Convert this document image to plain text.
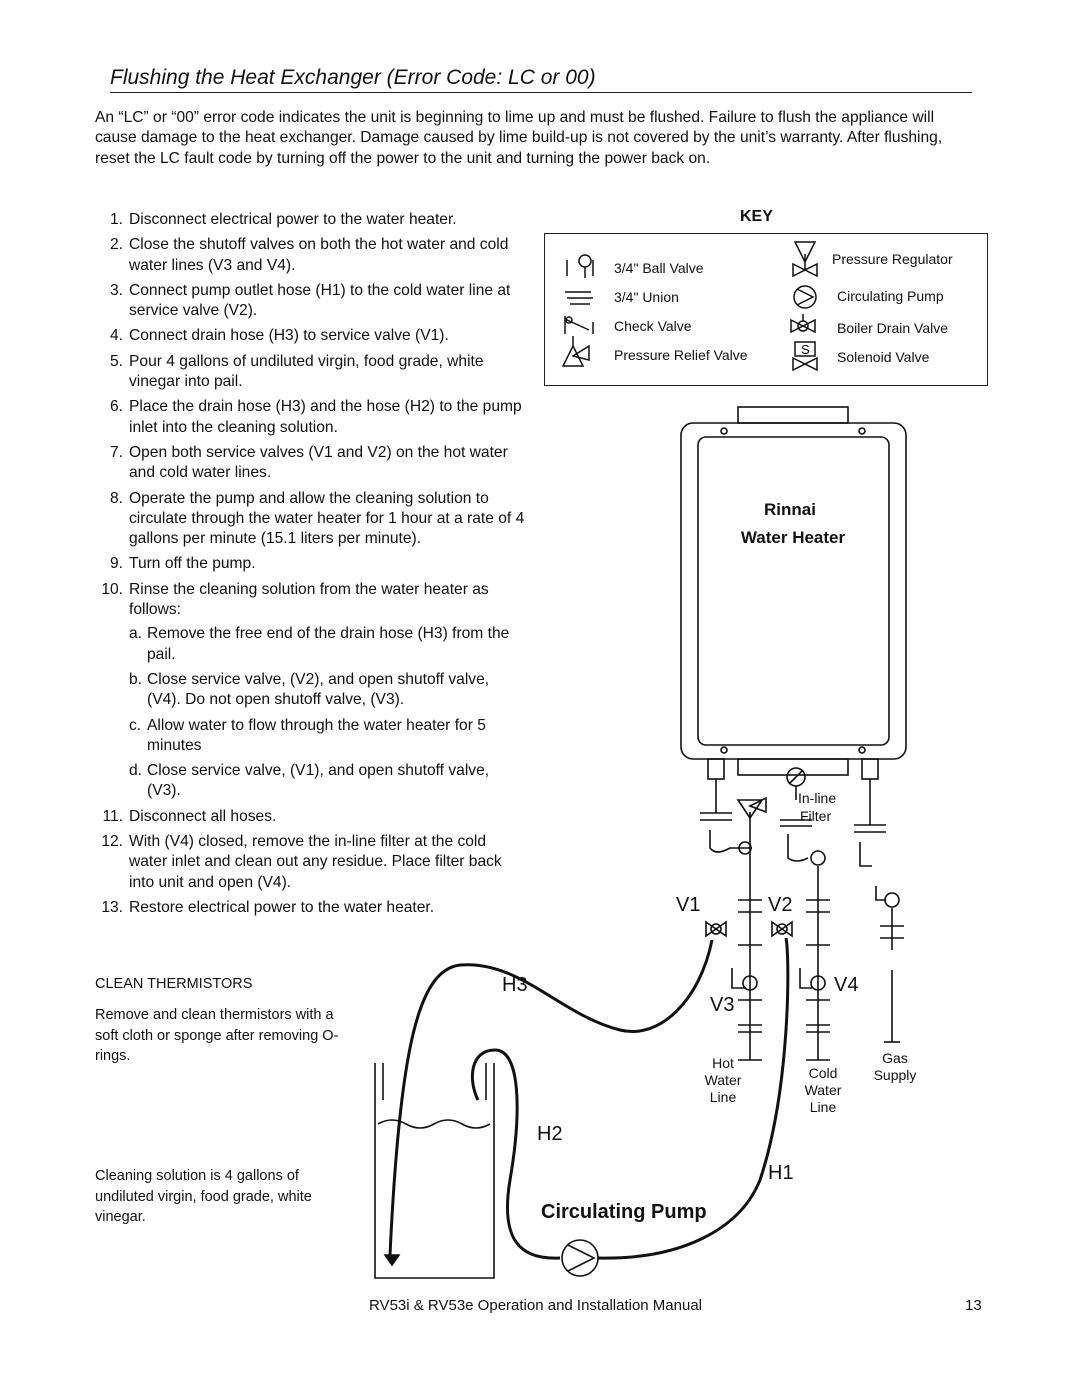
Flushing the Heat Exchanger (Error Code: LC or 00)
An “LC” or “00” error code indicates the unit is beginning to lime up and must be flushed. Failure to flush the appliance will cause damage to the heat exchanger. Damage caused by lime build-up is not covered by the unit’s warranty. After flushing, reset the LC fault code by turning off the power to the unit and turning the power back on.
1. Disconnect electrical power to the water heater.
2. Close the shutoff valves on both the hot water and cold water lines (V3 and V4).
3. Connect pump outlet hose (H1) to the cold water line at service valve (V2).
4. Connect drain hose (H3) to service valve (V1).
5. Pour 4 gallons of undiluted virgin, food grade, white vinegar into pail.
6. Place the drain hose (H3) and the hose (H2) to the pump inlet into the cleaning solution.
7. Open both service valves (V1 and V2) on the hot water and cold water lines.
8. Operate the pump and allow the cleaning solution to circulate through the water heater for 1 hour at a rate of 4 gallons per minute (15.1 liters per minute).
9. Turn off the pump.
10. Rinse the cleaning solution from the water heater as follows:
a. Remove the free end of the drain hose (H3) from the pail.
b. Close service valve, (V2), and open shutoff valve, (V4). Do not open shutoff valve, (V3).
c. Allow water to flow through the water heater for 5 minutes
d. Close service valve, (V1), and open shutoff valve, (V3).
11. Disconnect all hoses.
12. With (V4) closed, remove the in-line filter at the cold water inlet and clean out any residue. Place filter back into unit and open (V4).
13. Restore electrical power to the water heater.
CLEAN THERMISTORS
Remove and clean thermistors with a soft cloth or sponge after removing O-rings.
Cleaning solution is 4 gallons of undiluted virgin, food grade, white vinegar.
KEY
S
3/4" Ball Valve
3/4" Union
Check Valve
Pressure Relief Valve
Pressure Regulator
Circulating Pump
Boiler Drain Valve
Solenoid Valve
Rinnai
Water Heater
In-line
Filter
V1	V2
V3
V4
H3
H2
H1
Hot
Water
Line
Cold
Water
Line
Gas
Supply
Circulating Pump
RV53i & RV53e Operation and Installation Manual	13
